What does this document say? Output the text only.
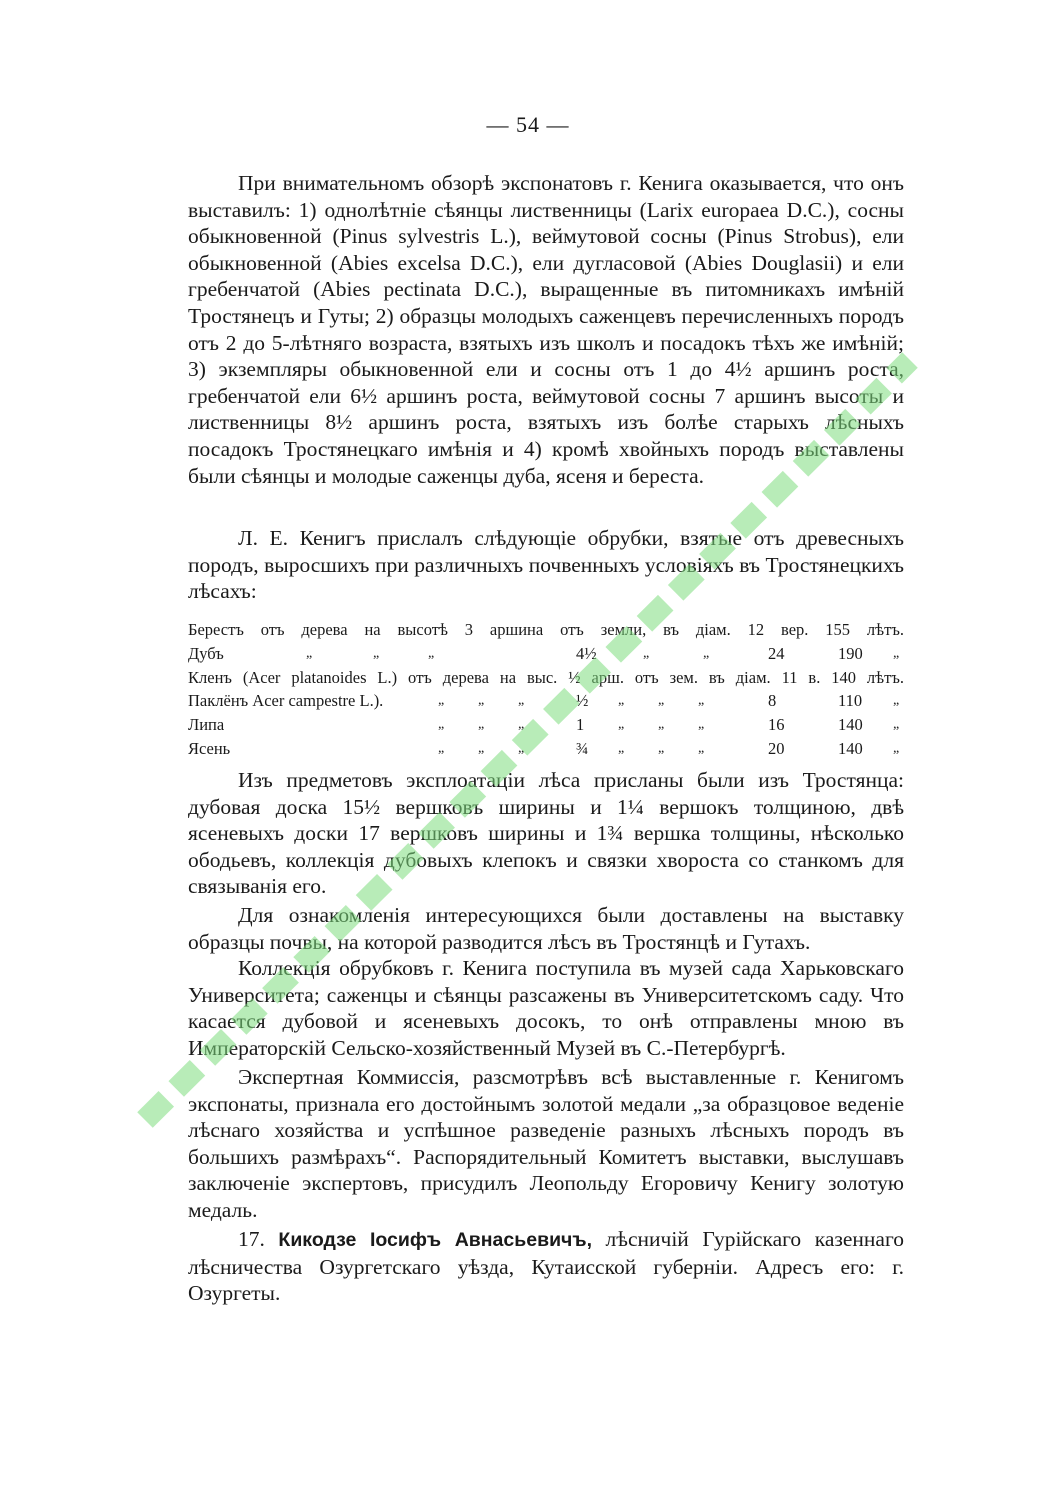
— 54 —

При внимательномъ обзорѣ экспонатовъ г. Кенига оказывается, что онъ выставилъ: 1) однолѣтніе сѣянцы лиственницы (Larix europaea D.C.), сосны обыкновенной (Pinus sylvestris L.), веймутовой сосны (Pinus Strobus), ели обыкновенной (Abies excelsa D.C.), ели дугласовой (Abies Douglasii) и ели гребенчатой (Abies pectinata D.C.), выращенные въ питомникахъ имѣній Тростянецъ и Гуты; 2) образцы молодыхъ саженцевъ перечисленныхъ породъ отъ 2 до 5-лѣтняго возраста, взятыхъ изъ школъ и посадокъ тѣхъ же имѣній; 3) экземпляры обыкновенной ели и сосны отъ 1 до 4½ аршинъ роста, гребенчатой ели 6½ аршинъ роста, веймутовой сосны 7 аршинъ высоты и лиственницы 8½ аршинъ роста, взятыхъ изъ болѣе старыхъ лѣсныхъ посадокъ Тростянецкаго имѣнія и 4) кромѣ хвойныхъ породъ выставлены были сѣянцы и молодые саженцы дуба, ясеня и береста.

Л. Е. Кенигъ прислалъ слѣдующіе обрубки, взятые отъ древесныхъ породъ, выросшихъ при различныхъ почвенныхъ условіяхъ въ Тростянецкихъ лѣсахъ:

Берестъ отъ дерева на высотѣ 3 аршина отъ земли, въ діам. 12 вер. 155 лѣтъ.
Дубъ	„	„	„	4½	„	„	24	190 „
Кленъ (Acer platanoides L.) отъ дерева на выс. ½ арш. отъ зем. въ діам. 11 в. 140 лѣтъ.
Паклёнъ Acer campestre L.).	„ „ „	½ „ „ „	8	110 „
Липа	„ „ „	1 „ „ „	16	140 „
Ясень	„ „ „	¾ „ „ „	20	140 „

Изъ предметовъ эксплоатаціи лѣса присланы были изъ Тростянца: дубовая доска 15½ вершковъ ширины и 1¼ вершокъ толщиною, двѣ ясеневыхъ доски 17 вершковъ ширины и 1¾ вершка толщины, нѣсколько ободьевъ, коллекція дубовыхъ клепокъ и связки хвороста со станкомъ для связыванія его.

Для ознакомленія интересующихся были доставлены на выставку образцы почвы, на которой разводится лѣсъ въ Тростянцѣ и Гутахъ.

Коллекція обрубковъ г. Кенига поступила въ музей сада Харьковскаго Университета; саженцы и сѣянцы разсажены въ Университетскомъ саду. Что касается дубовой и ясеневыхъ досокъ, то онѣ отправлены мною въ Императорскій Сельско-хозяйственный Музей въ С.-Петербургѣ.

Экспертная Коммиссія, разсмотрѣвъ всѣ выставленные г. Кенигомъ экспонаты, признала его достойнымъ золотой медали „за образцовое веденіе лѣснаго хозяйства и успѣшное разведеніе разныхъ лѣсныхъ породъ въ большихъ размѣрахъ“. Распорядительный Комитетъ выставки, выслушавъ заключеніе экспертовъ, присудилъ Леопольду Егоровичу Кенигу золотую медаль.

17. Кикодзе Іосифъ Авнасьевичъ, лѣсничій Гурійскаго казеннаго лѣсничества Озургетскаго уѣзда, Кутаисской губерніи. Адресъ его: г. Озургеты.
